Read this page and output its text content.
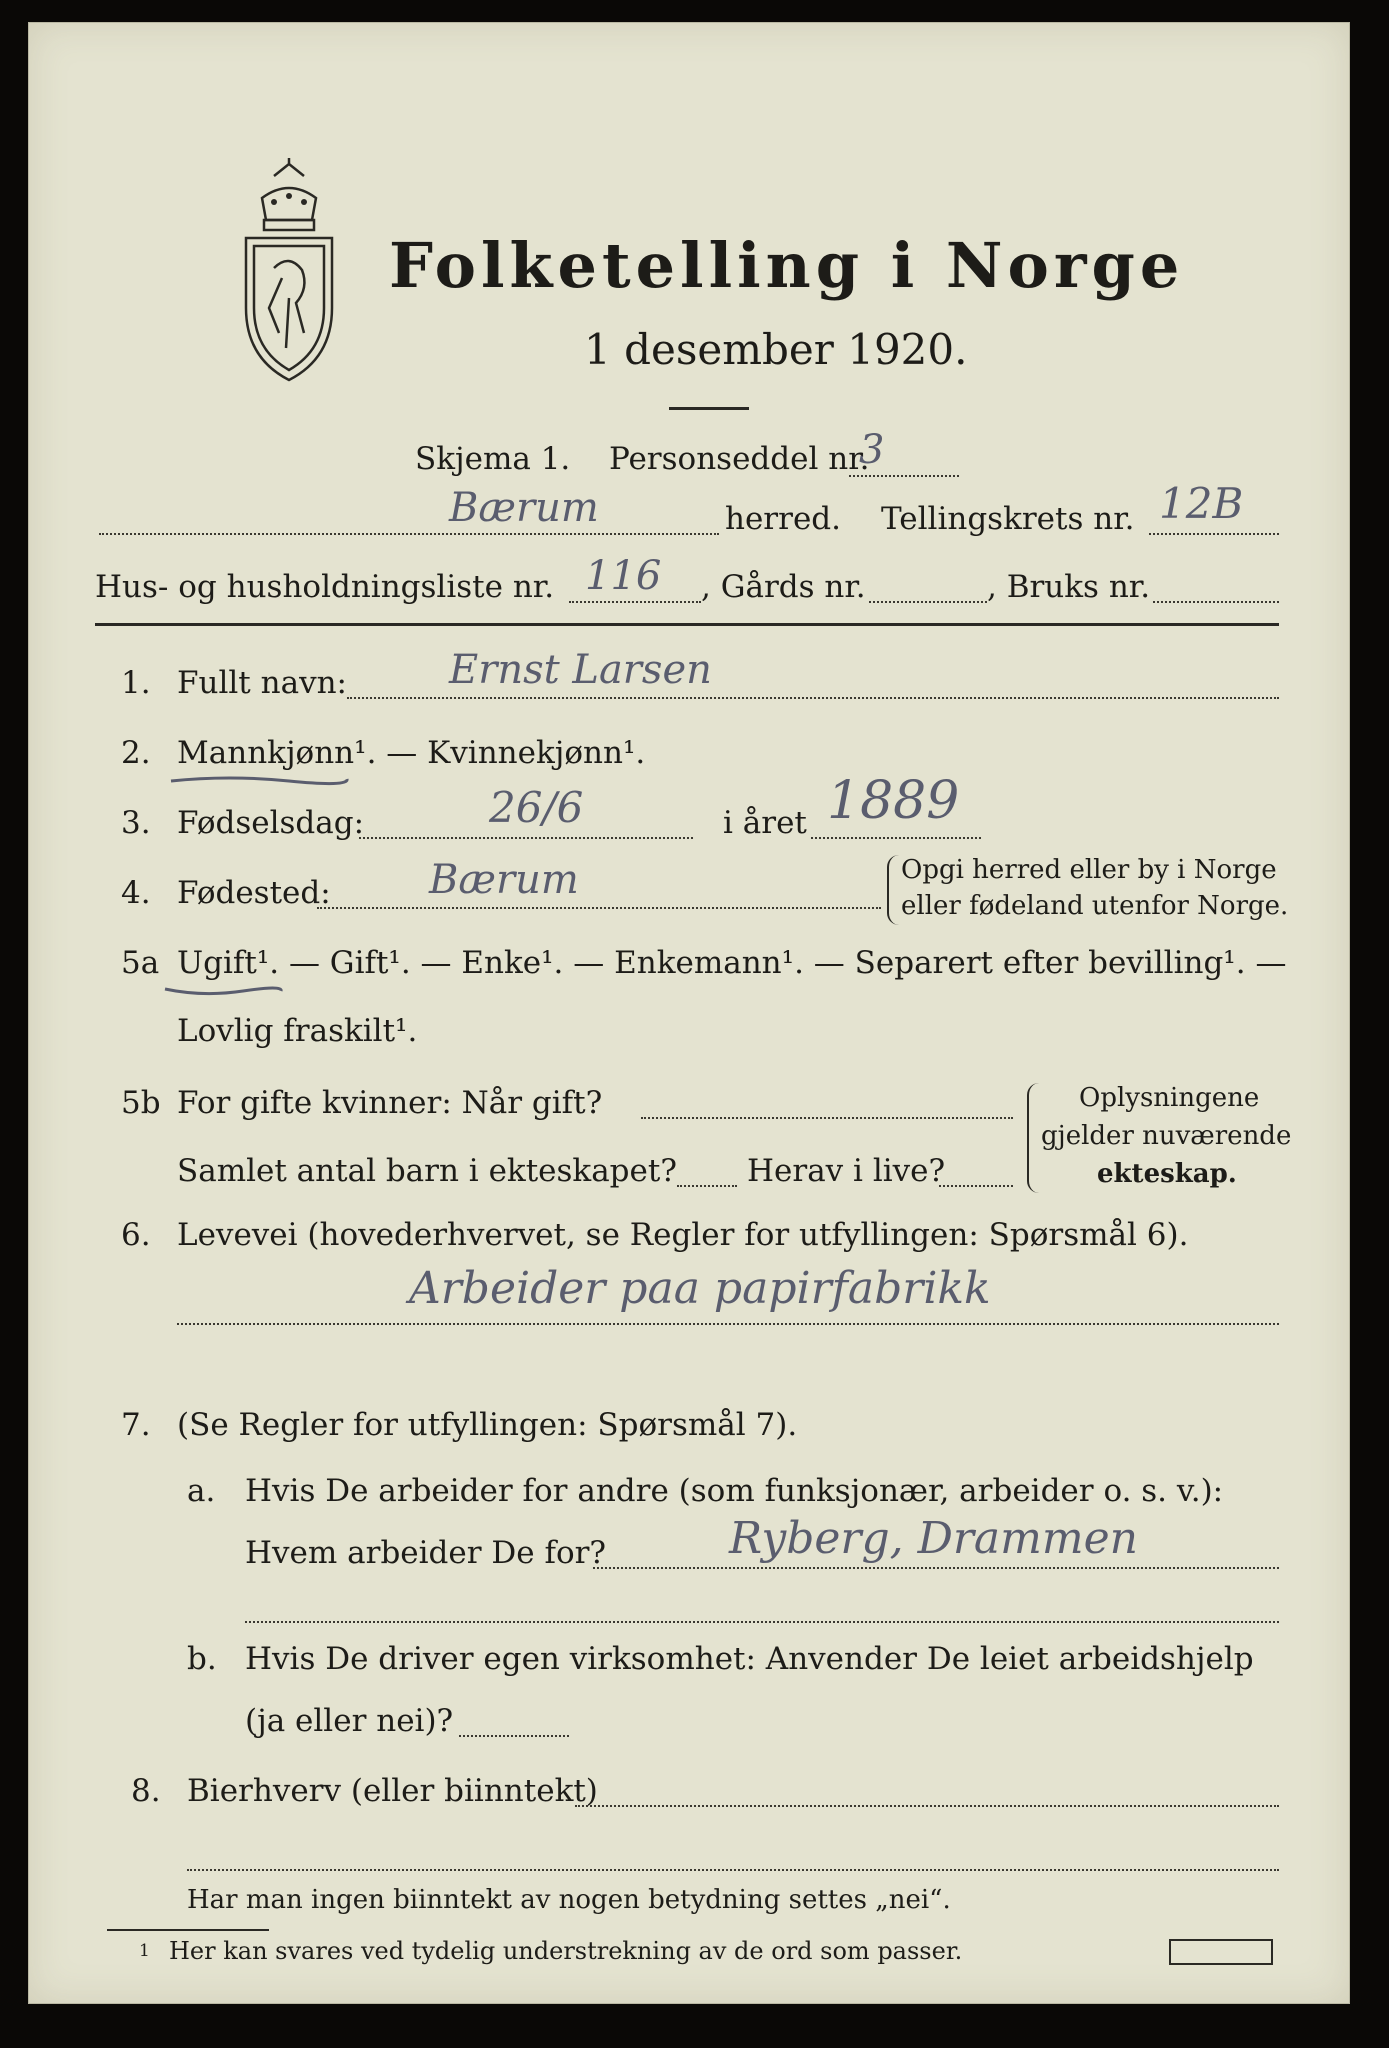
Folketelling i Norge
1 desember 1920.
Skjema 1. Personseddel nr.
3
Bærum	herred. Tellingskrets nr. 12B
Hus- og husholdningsliste nr. 116 , Gårds nr.	, Bruks nr.
1. Fullt navn:	Ernst Larsen
2. Mannkjønn¹. — Kvinnekjønn¹.
3. Fødselsdag:	26/6	i året 1889
4. Fødested: Bærum	Opgi herred eller by i Norge
eller fødeland utenfor Norge.
5a Ugift¹. — Gift¹. — Enke¹. — Enkemann¹. — Separert efter bevilling¹. —
Lovlig fraskilt¹.
5b For gifte kvinner: Når gift?
Samlet antal barn i ekteskapet? Herav i live?
Oplysningene
gjelder nuværende
ekteskap.
6. Levevei (hovederhvervet, se Regler for utfyllingen: Spørsmål 6).
Arbeider paa papirfabrikk
7. (Se Regler for utfyllingen: Spørsmål 7).
a. Hvis De arbeider for andre (som funksjonær, arbeider o. s. v.):
Hvem arbeider De for?	Ryberg, Drammen
b. Hvis De driver egen virksomhet: Anvender De leiet arbeidshjelp
(ja eller nei)?
8. Bierhverv (eller biinntekt)
Har man ingen biinntekt av nogen betydning settes „nei“.
1 Her kan svares ved tydelig understrekning av de ord som passer.
